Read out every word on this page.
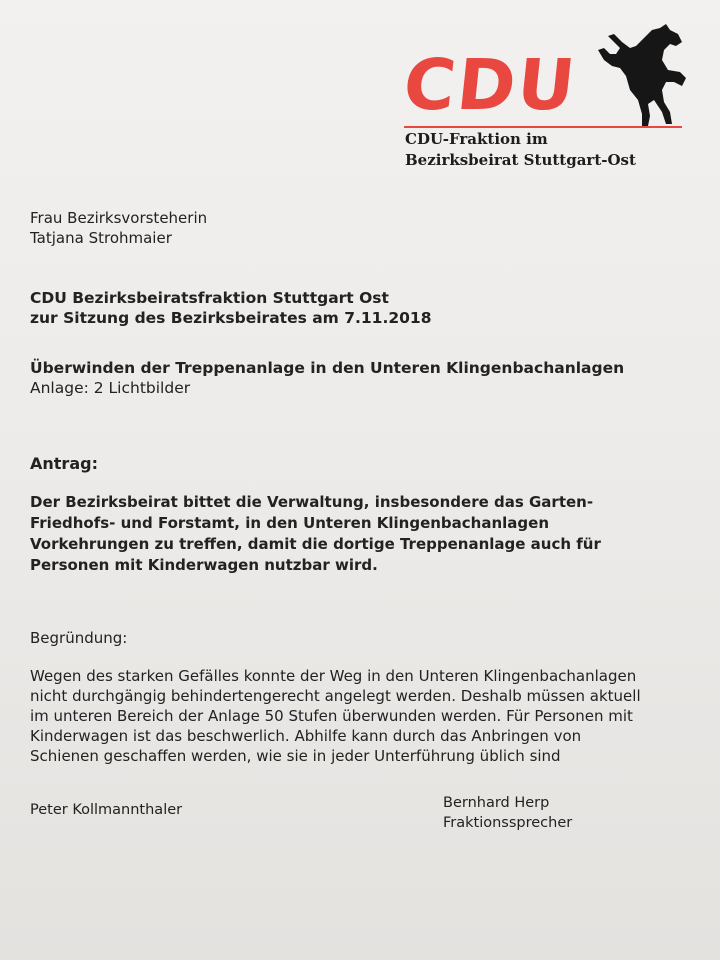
CDU
CDU-Fraktion im
Bezirksbeirat Stuttgart-Ost
Frau Bezirksvorsteherin
Tatjana Strohmaier
CDU Bezirksbeiratsfraktion Stuttgart Ost
zur Sitzung des Bezirksbeirates am 7.11.2018
Überwinden der Treppenanlage in den Unteren Klingenbachanlagen
Anlage: 2 Lichtbilder
Antrag:
Der Bezirksbeirat bittet die Verwaltung, insbesondere das Garten-
Friedhofs- und Forstamt, in den Unteren Klingenbachanlagen
Vorkehrungen zu treffen, damit die dortige Treppenanlage auch für
Personen mit Kinderwagen nutzbar wird.
Begründung:
Wegen des starken Gefälles konnte der Weg in den Unteren Klingenbachanlagen
nicht durchgängig behindertengerecht angelegt werden. Deshalb müssen aktuell
im unteren Bereich der Anlage 50 Stufen überwunden werden. Für Personen mit
Kinderwagen ist das beschwerlich. Abhilfe kann durch das Anbringen von
Schienen geschaffen werden, wie sie in jeder Unterführung üblich sind
Peter Kollmannthaler	Bernhard Herp
Fraktionssprecher
